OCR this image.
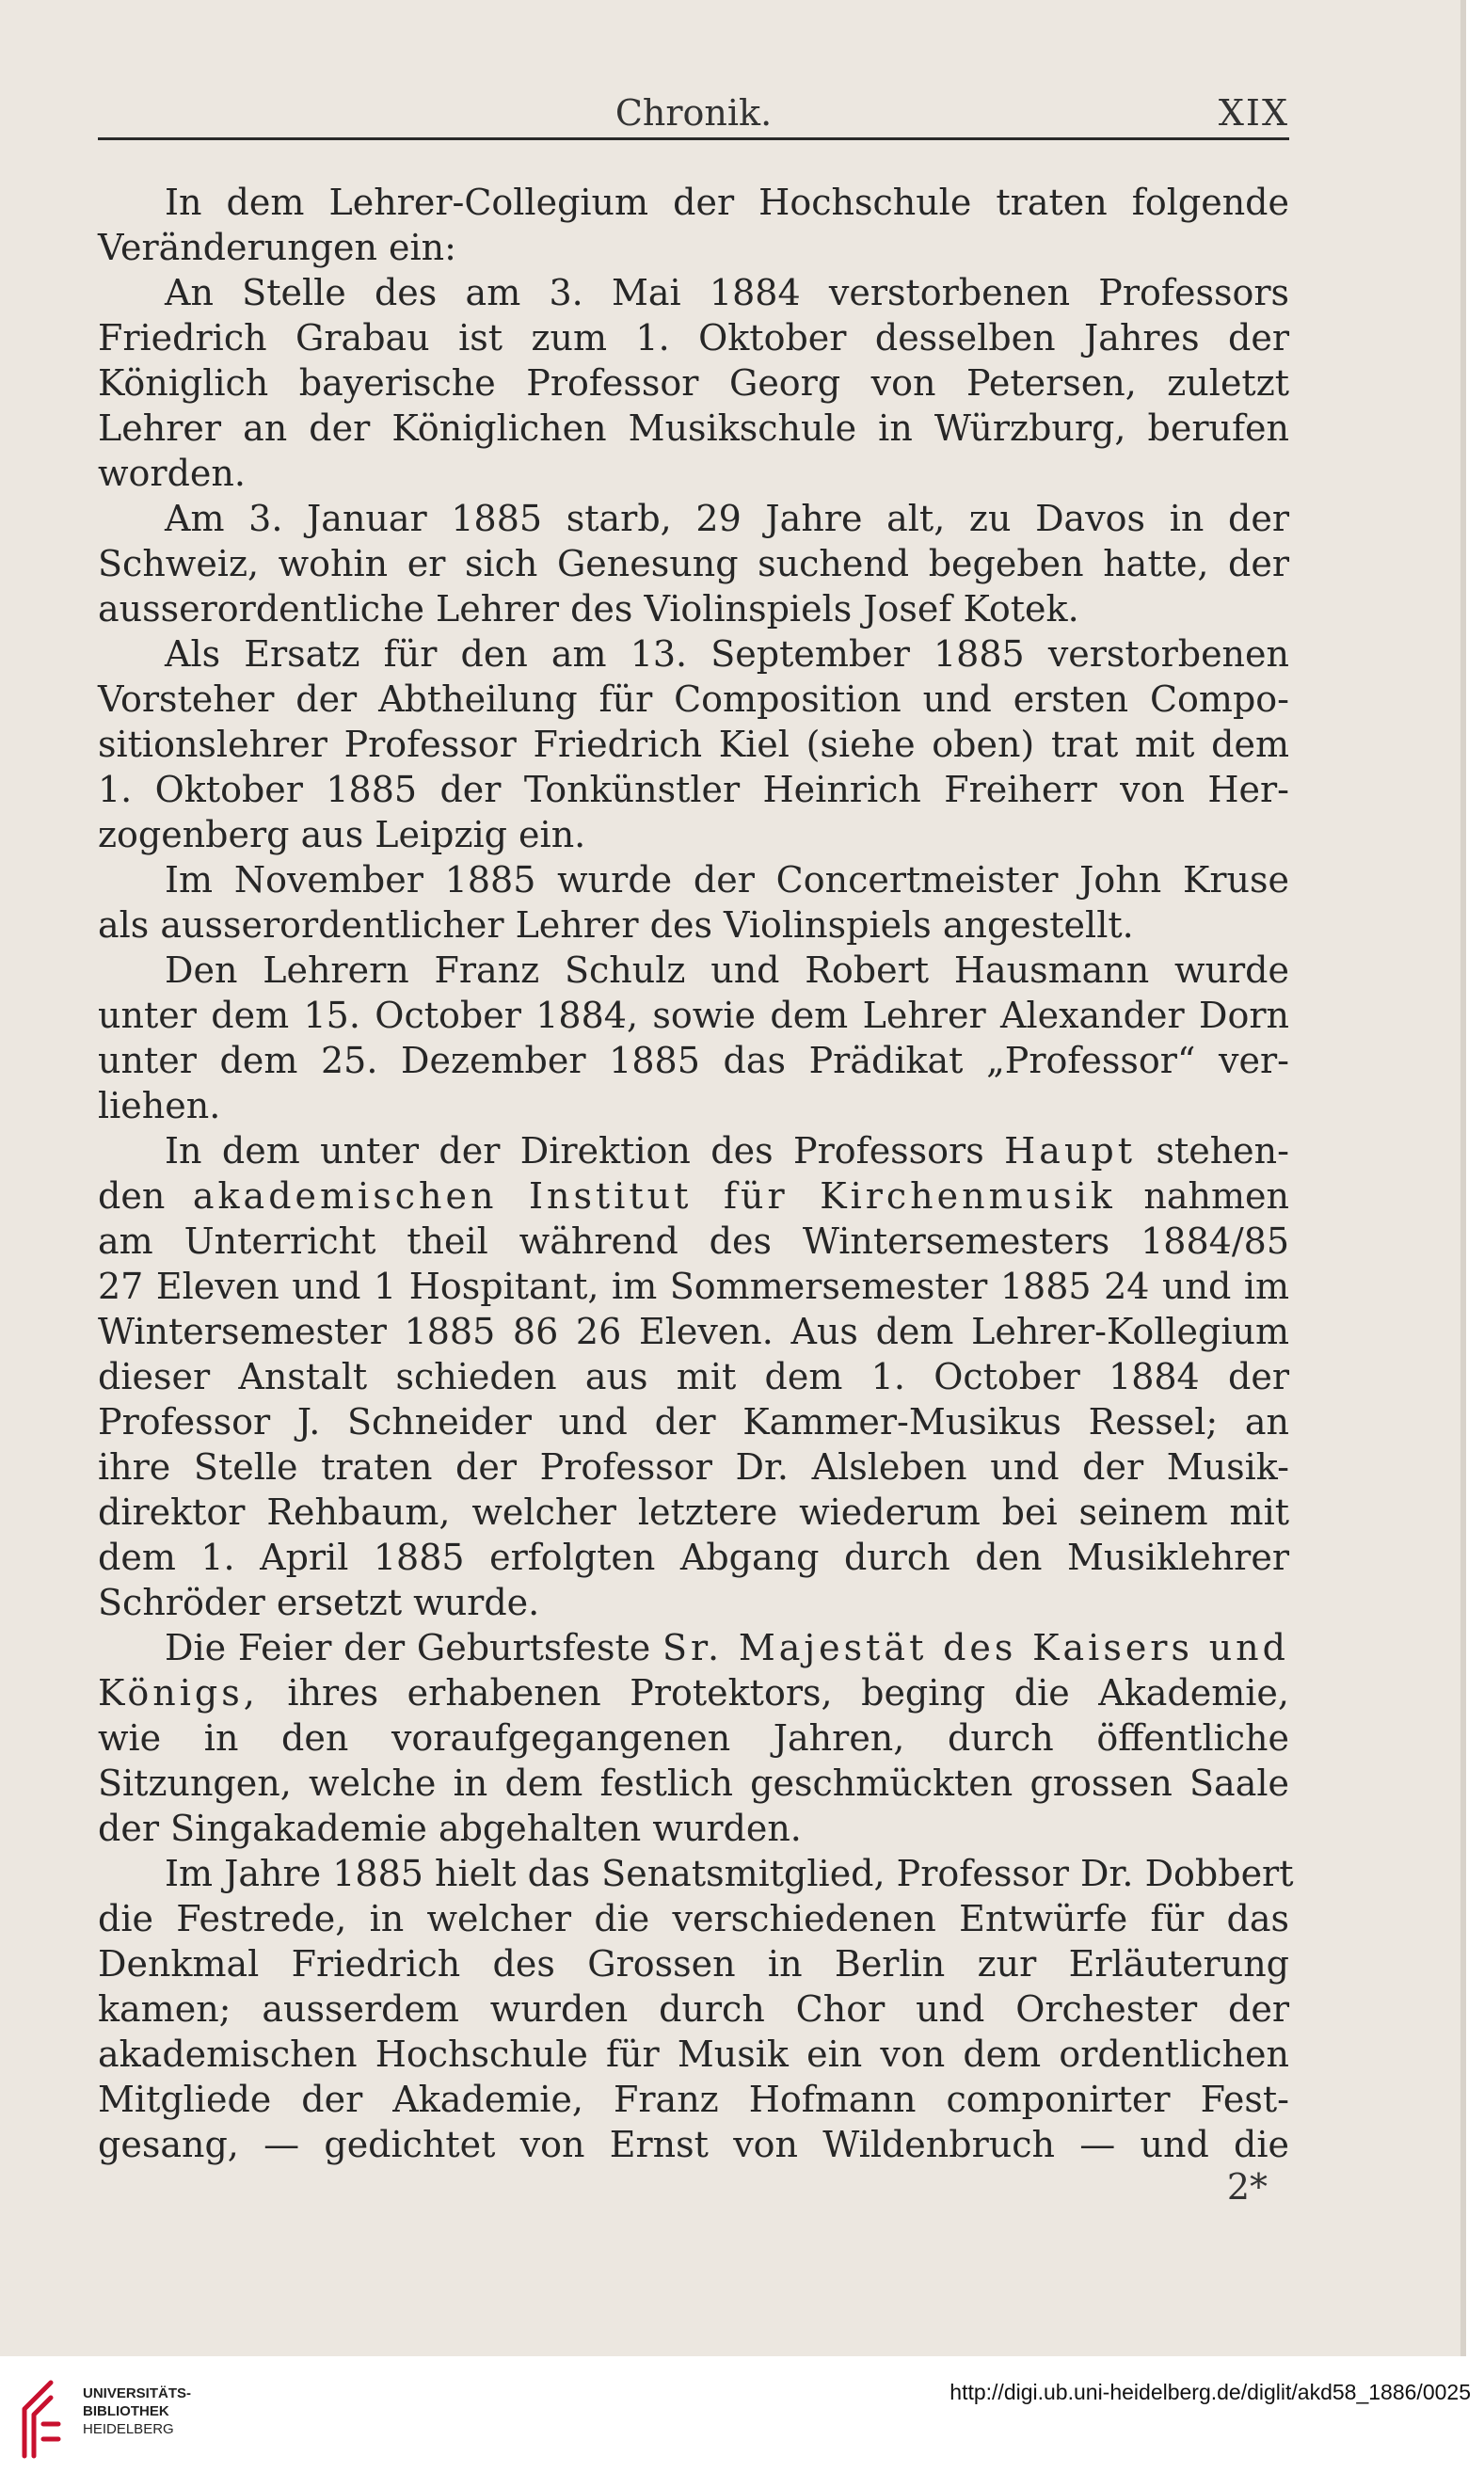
Chronik.	XIX
In dem Lehrer-Collegium der Hochschule traten folgende
Veränderungen ein:
An Stelle des am 3. Mai 1884 verstorbenen Professors
Friedrich Grabau ist zum 1. Oktober desselben Jahres der
Königlich bayerische Professor Georg von Petersen, zuletzt
Lehrer an der Königlichen Musikschule in Würzburg, berufen
worden.
Am 3. Januar 1885 starb, 29 Jahre alt, zu Davos in der
Schweiz, wohin er sich Genesung suchend begeben hatte, der
ausserordentliche Lehrer des Violinspiels Josef Kotek.
Als Ersatz für den am 13. September 1885 verstorbenen
Vorsteher der Abtheilung für Composition und ersten Compo-
sitionslehrer Professor Friedrich Kiel (siehe oben) trat mit dem
1. Oktober 1885 der Tonkünstler Heinrich Freiherr von Her-
zogenberg aus Leipzig ein.
Im November 1885 wurde der Concertmeister John Kruse
als ausserordentlicher Lehrer des Violinspiels angestellt.
Den Lehrern Franz Schulz und Robert Hausmann wurde
unter dem 15. October 1884, sowie dem Lehrer Alexander Dorn
unter dem 25. Dezember 1885 das Prädikat „Professor“ ver-
liehen.
In dem unter der Direktion des Professors Haupt stehen-
den akademischen Institut für Kirchenmusik nahmen
am Unterricht theil während des Wintersemesters 1884/85
27 Eleven und 1 Hospitant, im Sommersemester 1885 24 und im
Wintersemester 1885 86 26 Eleven. Aus dem Lehrer-Kollegium
dieser Anstalt schieden aus mit dem 1. October 1884 der
Professor J. Schneider und der Kammer-Musikus Ressel; an
ihre Stelle traten der Professor Dr. Alsleben und der Musik-
direktor Rehbaum, welcher letztere wiederum bei seinem mit
dem 1. April 1885 erfolgten Abgang durch den Musiklehrer
Schröder ersetzt wurde.
Die Feier der Geburtsfeste Sr. Majestät des Kaisers und
Königs, ihres erhabenen Protektors, beging die Akademie,
wie in den voraufgegangenen Jahren, durch öffentliche
Sitzungen, welche in dem festlich geschmückten grossen Saale
der Singakademie abgehalten wurden.
Im Jahre 1885 hielt das Senatsmitglied, Professor Dr. Dobbert
die Festrede, in welcher die verschiedenen Entwürfe für das
Denkmal Friedrich des Grossen in Berlin zur Erläuterung
kamen; ausserdem wurden durch Chor und Orchester der
akademischen Hochschule für Musik ein von dem ordentlichen
Mitgliede der Akademie, Franz Hofmann componirter Fest-
gesang, — gedichtet von Ernst von Wildenbruch — und die
2*
UNIVERSITÄTS-
BIBLIOTHEK
HEIDELBERG
http://digi.ub.uni-heidelberg.de/diglit/akd58_1886/0025
